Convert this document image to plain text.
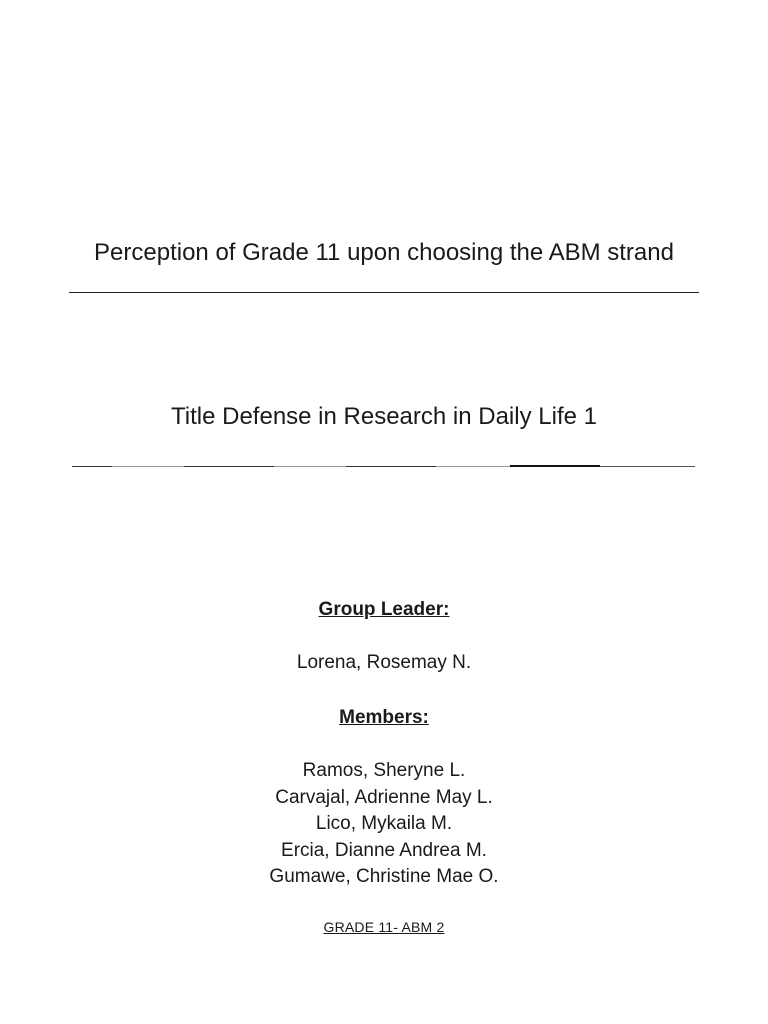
Perception of Grade 11 upon choosing the ABM strand
Title Defense in Research in Daily Life 1
Group Leader:
Lorena, Rosemay N.
Members:
Ramos, Sheryne L.
Carvajal, Adrienne May L.
Lico, Mykaila M.
Ercia, Dianne Andrea M.
Gumawe, Christine Mae O.
GRADE 11- ABM 2
